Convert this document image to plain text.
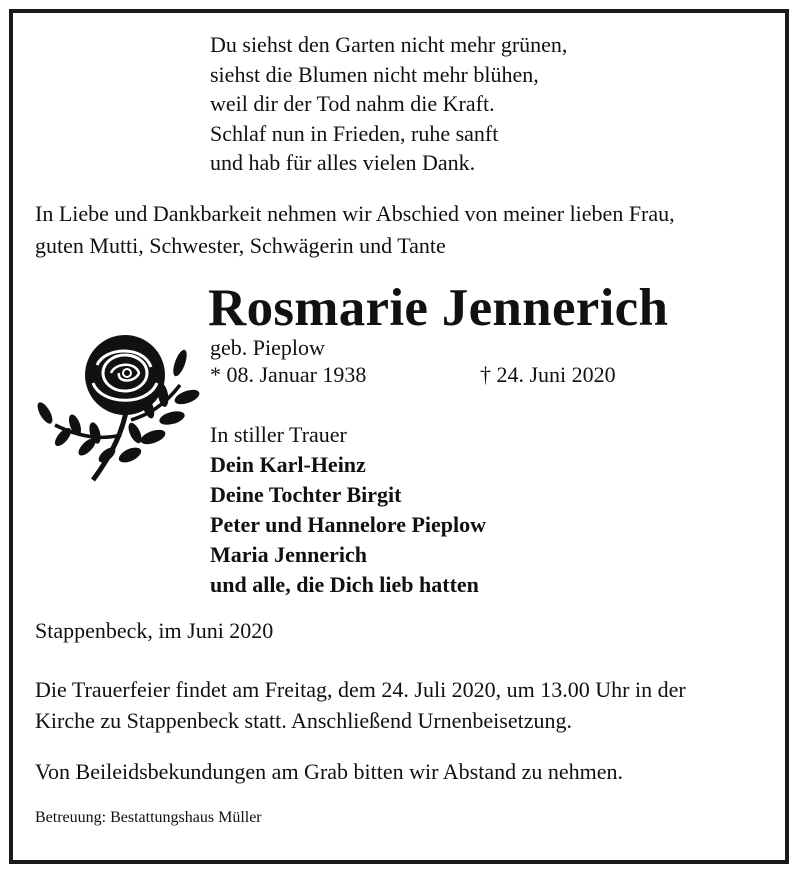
Du siehst den Garten nicht mehr grünen,
siehst die Blumen nicht mehr blühen,
weil dir der Tod nahm die Kraft.
Schlaf nun in Frieden, ruhe sanft
und hab für alles vielen Dank.
In Liebe und Dankbarkeit nehmen wir Abschied von meiner lieben Frau,
guten Mutti, Schwester, Schwägerin und Tante
Rosmarie Jennerich
geb. Pieplow
* 08. Januar 1938	† 24. Juni 2020
In stiller Trauer
Dein Karl-Heinz
Deine Tochter Birgit
Peter und Hannelore Pieplow
Maria Jennerich
und alle, die Dich lieb hatten
Stappenbeck, im Juni 2020
Die Trauerfeier findet am Freitag, dem 24. Juli 2020, um 13.00 Uhr in der
Kirche zu Stappenbeck statt. Anschließend Urnenbeisetzung.
Von Beileidsbekundungen am Grab bitten wir Abstand zu nehmen.
Betreuung: Bestattungshaus Müller
